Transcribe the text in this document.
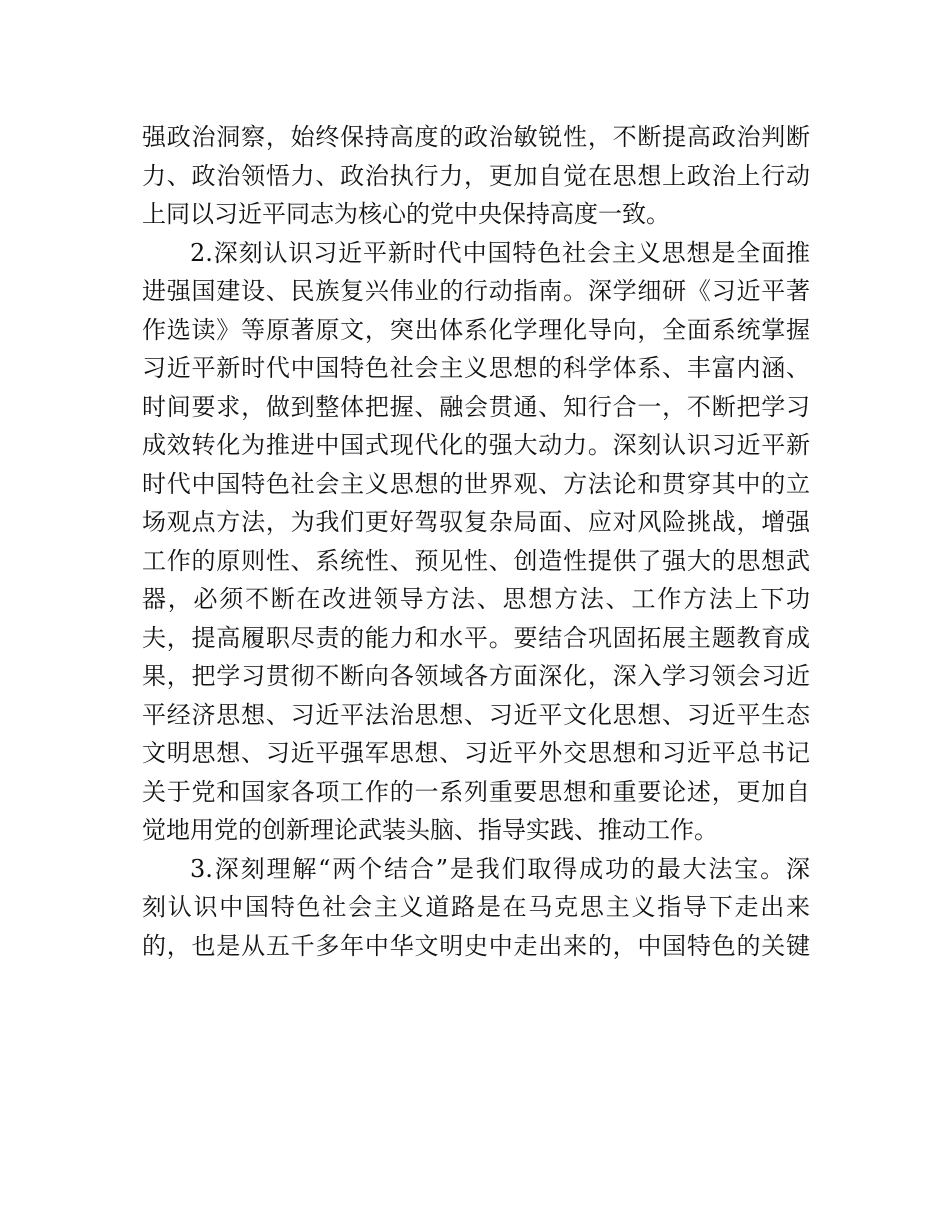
强政治洞察，始终保持高度的政治敏锐性，不断提高政治判断
力、政治领悟力、政治执行力，更加自觉在思想上政治上行动
上同以习近平同志为核心的党中央保持高度一致。
2.深刻认识习近平新时代中国特色社会主义思想是全面推
进强国建设、民族复兴伟业的行动指南。深学细研《习近平著
作选读》等原著原文，突出体系化学理化导向，全面系统掌握
习近平新时代中国特色社会主义思想的科学体系、丰富内涵、
时间要求，做到整体把握、融会贯通、知行合一，不断把学习
成效转化为推进中国式现代化的强大动力。深刻认识习近平新
时代中国特色社会主义思想的世界观、方法论和贯穿其中的立
场观点方法，为我们更好驾驭复杂局面、应对风险挑战，增强
工作的原则性、系统性、预见性、创造性提供了强大的思想武
器，必须不断在改进领导方法、思想方法、工作方法上下功
夫，提高履职尽责的能力和水平。要结合巩固拓展主题教育成
果，把学习贯彻不断向各领域各方面深化，深入学习领会习近
平经济思想、习近平法治思想、习近平文化思想、习近平生态
文明思想、习近平强军思想、习近平外交思想和习近平总书记
关于党和国家各项工作的一系列重要思想和重要论述，更加自
觉地用党的创新理论武装头脑、指导实践、推动工作。
3.深刻理解“两个结合”是我们取得成功的最大法宝。深
刻认识中国特色社会主义道路是在马克思主义指导下走出来
的，也是从五千多年中华文明史中走出来的，中国特色的关键
